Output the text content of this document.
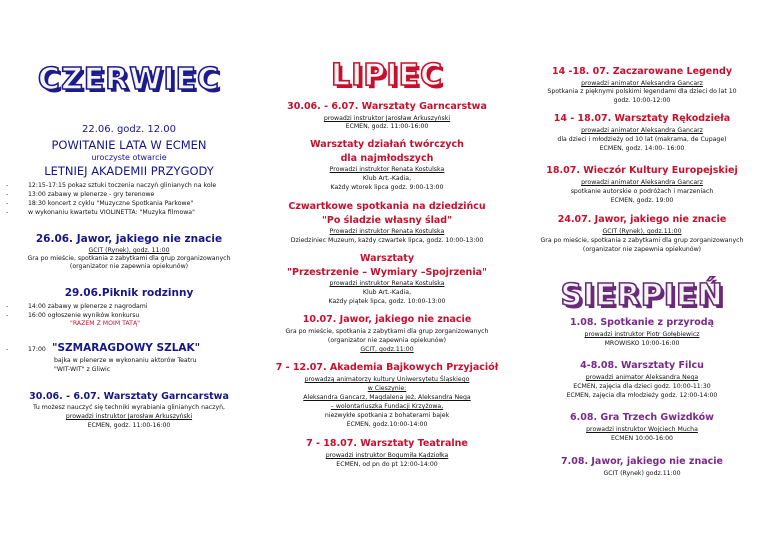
CZERWIEC
22.06. godz. 12.00
POWITANIE LATA W ECMEN
uroczyste otwarcie
LETNIEJ AKADEMII PRZYGODY
- 12:15-17:15 pokaz sztuki toczenia naczyń glinianych na kole
- 13:00 zabawy w plenerze - gry terenowe
- 18:30 koncert z cyklu "Muzyczne Spotkania Parkowe"
- w wykonaniu kwartetu VIOLINETTA: "Muzyka filmowa"
26.06. Jawor, jakiego nie znacie
GCIT (Rynek), godz. 11:00
Gra po mieście, spotkania z zabytkami dla grup zorganizowanych
(organizator nie zapewnia opiekunów)
29.06.Piknik rodzinny
- 14:00 zabawy w plenerze z nagrodami
- 16:00 ogłoszenie wyników konkursu
"RAZEM Z MOIM TATĄ"
-	17:00 "SZMARAGDOWY SZLAK"
bajka w plenerze w wykonaniu aktorów Teatru
"WIT-WIT" z Gliwic
30.06. - 6.07. Warsztaty Garncarstwa
Tu możesz nauczyć się techniki wyrabiania glinianych naczyń,
prowadzi instruktor Jarosław Arkuszyński
ECMEN, godz. 11:00-16:00
LIPIEC
30.06. - 6.07. Warsztaty Garncarstwa
prowadzi instruktor Jarosław Arkuszyński
ECMEN, godz. 11:00-16:00
Warsztaty działań twórczych
dla najmłodszych
Prowadzi instruktor Renata Kostulska
Klub Art.-Kadia,
Każdy wtorek lipca godz. 9:00-13:00
Czwartkowe spotkania na dziedzińcu
"Po śladzie własny ślad"
Prowadzi instruktor Renata Kostulska
Dziedziniec Muzeum, każdy czwartek lipca, godz. 10:00-13:00
Warsztaty
"Przestrzenie – Wymiary –Spojrzenia"
prowadzi instruktor Renata Kostulska
Klub Art.-Kadia,
Każdy piątek lipca, godz. 10:00-13:00
10.07. Jawor, jakiego nie znacie
Gra po mieście, spotkania z zabytkami dla grup zorganizowanych
(organizator nie zapewnia opiekunów)
GCIT, godz.11:00
7 - 12.07. Akademia Bajkowych Przyjaciół
prowadzą animatorzy kultury Uniwersytetu Śląskiego
w Cieszynie:
Aleksandra Gancarz, Magdalena Jeż, Aleksandra Nega
– wolontariuszka Fundacji Krzyżowa,
niezwykłe spotkania z bohaterami bajek
ECMEN, godz.10:00-14:00
7 - 18.07. Warsztaty Teatralne
prowadzi instruktor Bogumiła Kądziołka
ECMEN, od pn do pt 12:00-14:00
14 -18. 07. Zaczarowane Legendy
prowadzi animator Aleksandra Gancarz
Spotkania z pięknymi polskimi legendami dla dzieci do lat 10
godz. 10:00-12:00
14 - 18.07. Warsztaty Rękodzieła
prowadzi animator Aleksandra Gancarz
dla dzieci i młodzieży od 10 lat (makrama, de Cupage)
ECMEN, godz. 14:00- 16:00
18.07. Wieczór Kultury Europejskiej
prowadzi animator Aleksandra Gancarz
spotkanie autorskie o podróżach i marzeniach
ECMEN, godz. 19:00
24.07. Jawor, jakiego nie znacie
GCIT (Rynek), godz.11:00
Gra po mieście, spotkania z zabytkami dla grup zorganizowanych
(organizator nie zapewnia opiekunów)
SIERPIEŃ
1.08. Spotkanie z przyrodą
prowadzi instruktor Piotr Gołębiewicz
MROWISKO 10:00-16:00
4-8.08. Warsztaty Filcu
prowadzi animator Aleksandra Nega
ECMEN, zajęcia dla dzieci godz. 10:00-11:30
ECMEN, zajęcia dla młodzieży godz. 12:00-14:00
6.08. Gra Trzech Gwizdków
prowadzi instruktor Wojciech Mucha
ECMEN 10:00-16:00
7.08. Jawor, jakiego nie znacie
GCIT (Rynek) godz.11:00
